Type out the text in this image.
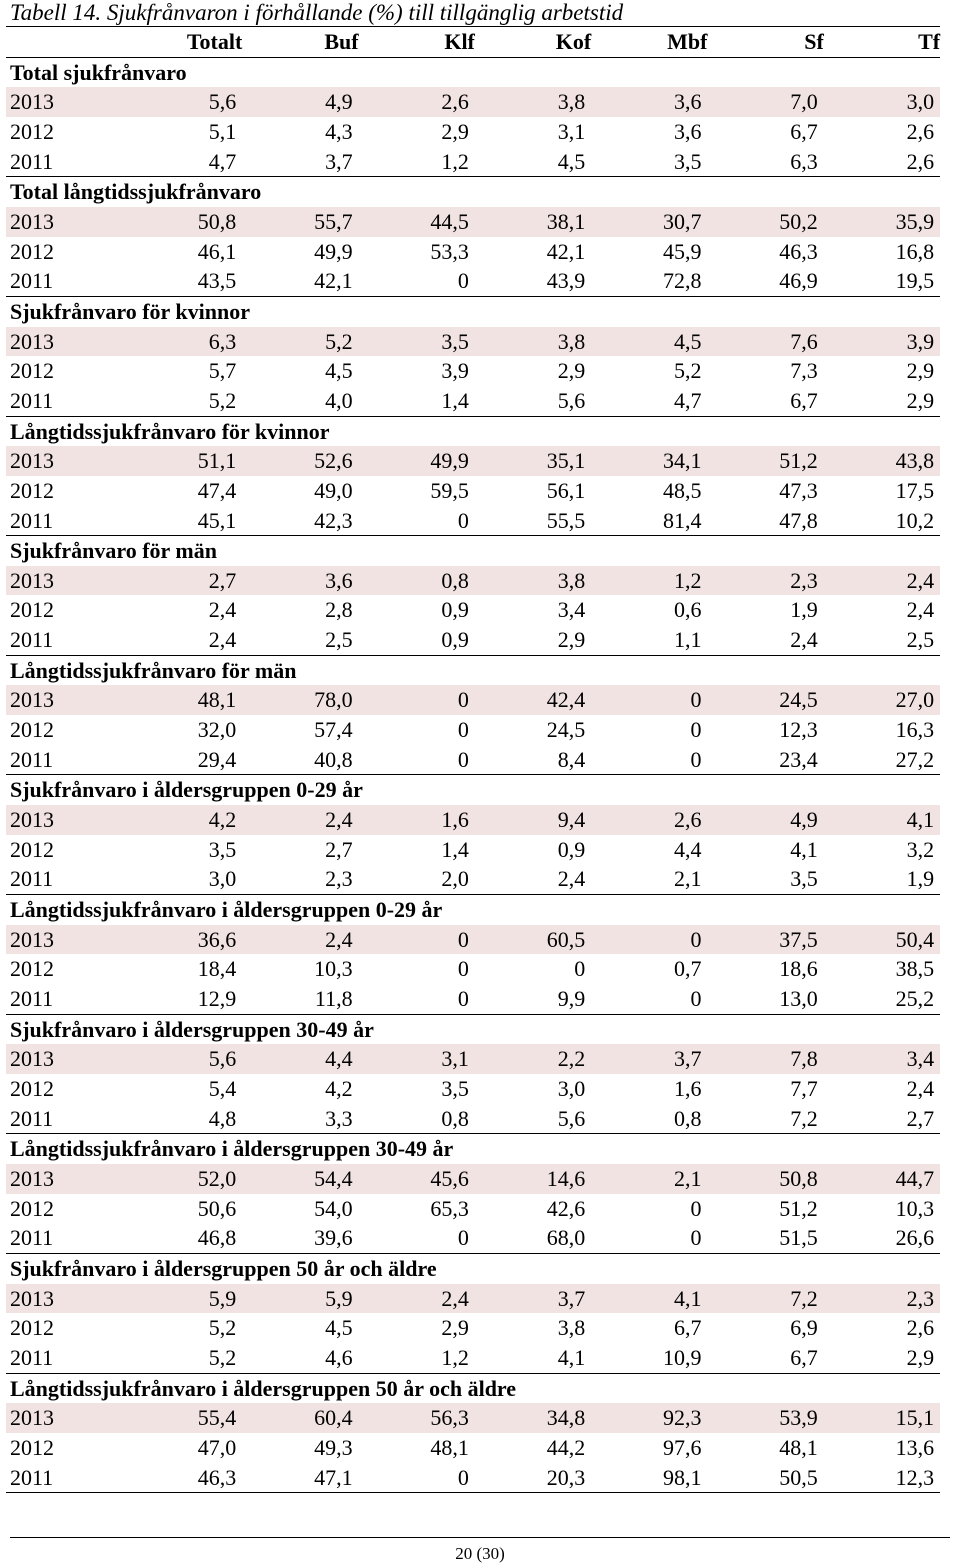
Tabell 14. Sjukfrånvaron i förhållande (%) till tillgänglig arbetstid
	Totalt	Buf	Klf	Kof	Mbf	Sf	Tf
Total sjukfrånvaro							
2013	5,6	4,9	2,6	3,8	3,6	7,0	3,0
2012	5,1	4,3	2,9	3,1	3,6	6,7	2,6
2011	4,7	3,7	1,2	4,5	3,5	6,3	2,6
Total långtidssjukfrånvaro							
2013	50,8	55,7	44,5	38,1	30,7	50,2	35,9
2012	46,1	49,9	53,3	42,1	45,9	46,3	16,8
2011	43,5	42,1	0	43,9	72,8	46,9	19,5
Sjukfrånvaro för kvinnor							
2013	6,3	5,2	3,5	3,8	4,5	7,6	3,9
2012	5,7	4,5	3,9	2,9	5,2	7,3	2,9
2011	5,2	4,0	1,4	5,6	4,7	6,7	2,9
Långtidssjukfrånvaro för kvinnor							
2013	51,1	52,6	49,9	35,1	34,1	51,2	43,8
2012	47,4	49,0	59,5	56,1	48,5	47,3	17,5
2011	45,1	42,3	0	55,5	81,4	47,8	10,2
Sjukfrånvaro för män							
2013	2,7	3,6	0,8	3,8	1,2	2,3	2,4
2012	2,4	2,8	0,9	3,4	0,6	1,9	2,4
2011	2,4	2,5	0,9	2,9	1,1	2,4	2,5
Långtidssjukfrånvaro för män							
2013	48,1	78,0	0	42,4	0	24,5	27,0
2012	32,0	57,4	0	24,5	0	12,3	16,3
2011	29,4	40,8	0	8,4	0	23,4	27,2
Sjukfrånvaro i åldersgruppen 0-29 år							
2013	4,2	2,4	1,6	9,4	2,6	4,9	4,1
2012	3,5	2,7	1,4	0,9	4,4	4,1	3,2
2011	3,0	2,3	2,0	2,4	2,1	3,5	1,9
Långtidssjukfrånvaro i åldersgruppen 0-29 år							
2013	36,6	2,4	0	60,5	0	37,5	50,4
2012	18,4	10,3	0	0	0,7	18,6	38,5
2011	12,9	11,8	0	9,9	0	13,0	25,2
Sjukfrånvaro i åldersgruppen 30-49 år							
2013	5,6	4,4	3,1	2,2	3,7	7,8	3,4
2012	5,4	4,2	3,5	3,0	1,6	7,7	2,4
2011	4,8	3,3	0,8	5,6	0,8	7,2	2,7
Långtidssjukfrånvaro i åldersgruppen 30-49 år							
2013	52,0	54,4	45,6	14,6	2,1	50,8	44,7
2012	50,6	54,0	65,3	42,6	0	51,2	10,3
2011	46,8	39,6	0	68,0	0	51,5	26,6
Sjukfrånvaro i åldersgruppen 50 år och äldre							
2013	5,9	5,9	2,4	3,7	4,1	7,2	2,3
2012	5,2	4,5	2,9	3,8	6,7	6,9	2,6
2011	5,2	4,6	1,2	4,1	10,9	6,7	2,9
Långtidssjukfrånvaro i åldersgruppen 50 år och äldre							
2013	55,4	60,4	56,3	34,8	92,3	53,9	15,1
2012	47,0	49,3	48,1	44,2	97,6	48,1	13,6
2011	46,3	47,1	0	20,3	98,1	50,5	12,3
20 (30)
